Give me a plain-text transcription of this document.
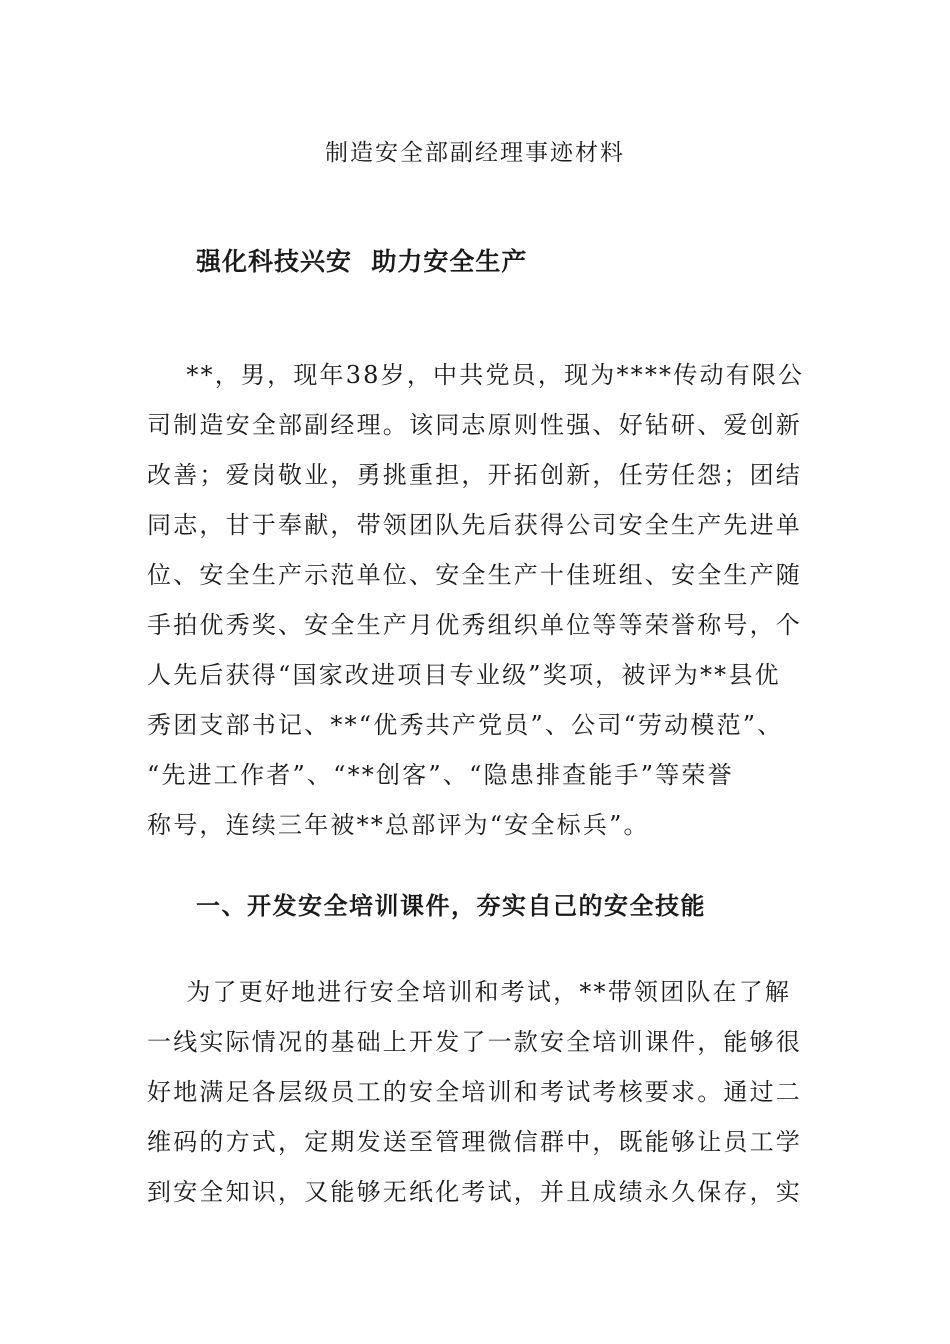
制造安全部副经理事迹材料
强化科技兴安  助力安全生产
**，男，现年38岁，中共党员，现为****传动有限公
司制造安全部副经理。该同志原则性强、好钻研、爱创新
改善；爱岗敬业，勇挑重担，开拓创新，任劳任怨；团结
同志，甘于奉献，带领团队先后获得公司安全生产先进单
位、安全生产示范单位、安全生产十佳班组、安全生产随
手拍优秀奖、安全生产月优秀组织单位等等荣誉称号，个
人先后获得“国家改进项目专业级”奖项，被评为**县优
秀团支部书记、**“优秀共产党员”、公司“劳动模范”、
“先进工作者”、“**创客”、“隐患排查能手”等荣誉
称号，连续三年被**总部评为“安全标兵”。
一、开发安全培训课件，夯实自己的安全技能
为了更好地进行安全培训和考试，**带领团队在了解
一线实际情况的基础上开发了一款安全培训课件，能够很
好地满足各层级员工的安全培训和考试考核要求。通过二
维码的方式，定期发送至管理微信群中，既能够让员工学
到安全知识，又能够无纸化考试，并且成绩永久保存，实
